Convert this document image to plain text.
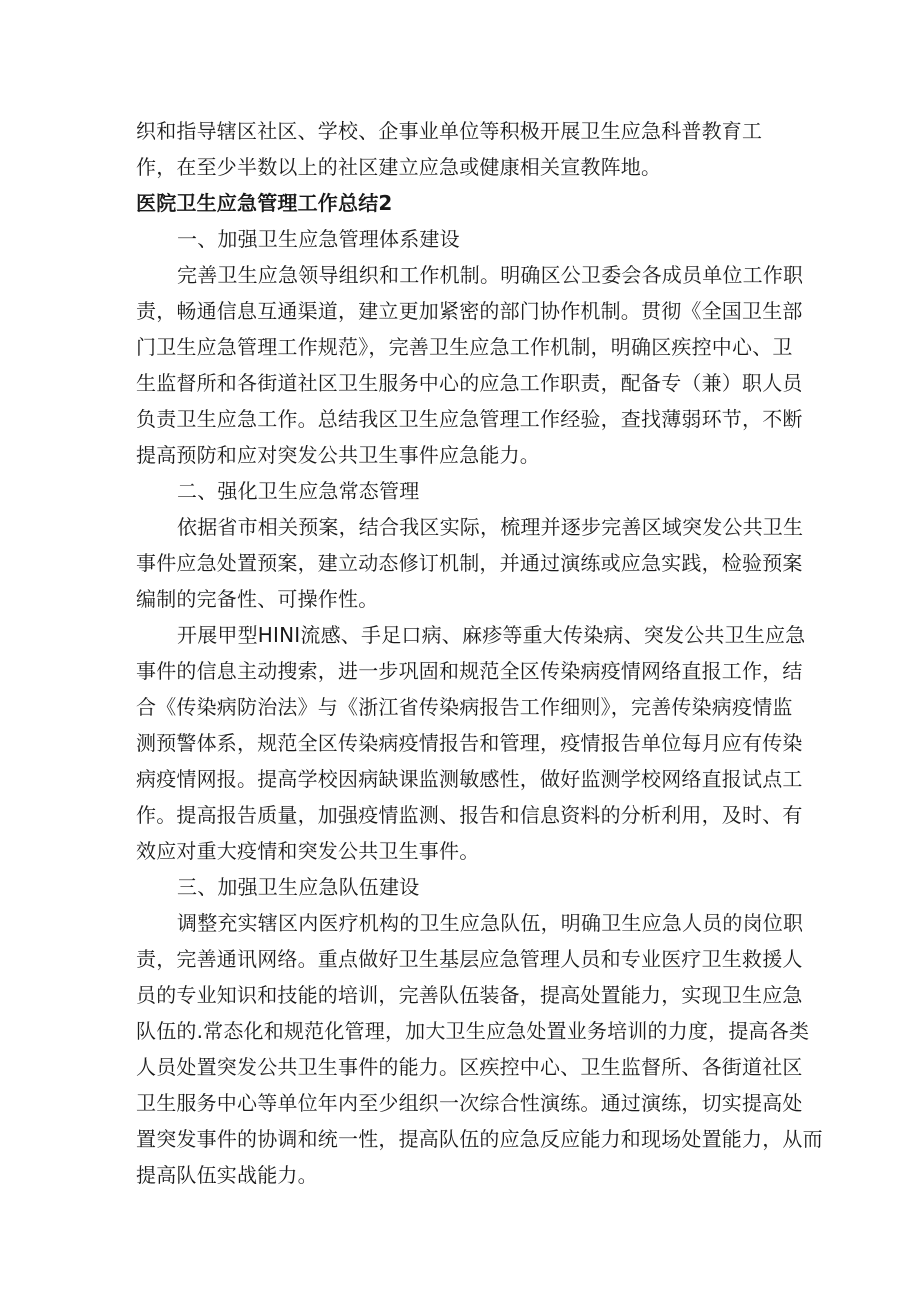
织和指导辖区社区、学校、企事业单位等积极开展卫生应急科普教育工
作，在至少半数以上的社区建立应急或健康相关宣教阵地。
医院卫生应急管理工作总结2
一、加强卫生应急管理体系建设
完善卫生应急领导组织和工作机制。明确区公卫委会各成员单位工作职
责，畅通信息互通渠道，建立更加紧密的部门协作机制。贯彻《全国卫生部
门卫生应急管理工作规范》，完善卫生应急工作机制，明确区疾控中心、卫
生监督所和各街道社区卫生服务中心的应急工作职责，配备专（兼）职人员
负责卫生应急工作。总结我区卫生应急管理工作经验，查找薄弱环节，不断
提高预防和应对突发公共卫生事件应急能力。
二、强化卫生应急常态管理
依据省市相关预案，结合我区实际，梳理并逐步完善区域突发公共卫生
事件应急处置预案，建立动态修订机制，并通过演练或应急实践，检验预案
编制的完备性、可操作性。
开展甲型HINI流感、手足口病、麻疹等重大传染病、突发公共卫生应急
事件的信息主动搜索，进一步巩固和规范全区传染病疫情网络直报工作，结
合《传染病防治法》与《浙江省传染病报告工作细则》，完善传染病疫情监
测预警体系，规范全区传染病疫情报告和管理，疫情报告单位每月应有传染
病疫情网报。提高学校因病缺课监测敏感性，做好监测学校网络直报试点工
作。提高报告质量，加强疫情监测、报告和信息资料的分析利用，及时、有
效应对重大疫情和突发公共卫生事件。
三、加强卫生应急队伍建设
调整充实辖区内医疗机构的卫生应急队伍，明确卫生应急人员的岗位职
责，完善通讯网络。重点做好卫生基层应急管理人员和专业医疗卫生救援人
员的专业知识和技能的培训，完善队伍装备，提高处置能力，实现卫生应急
队伍的.常态化和规范化管理，加大卫生应急处置业务培训的力度，提高各类
人员处置突发公共卫生事件的能力。区疾控中心、卫生监督所、各街道社区
卫生服务中心等单位年内至少组织一次综合性演练。通过演练，切实提高处
置突发事件的协调和统一性，提高队伍的应急反应能力和现场处置能力，从而
提高队伍实战能力。
